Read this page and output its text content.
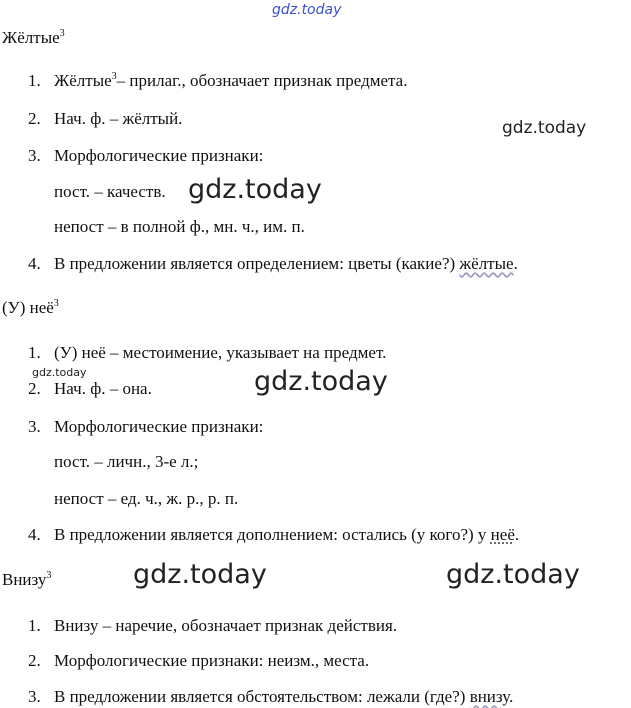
Жёлтые$^3$
1. Жёлтые$^3$– прилаг., обозначает признак предмета.
2. Нач. ф. – жёлтый.
3. Морфологические признаки:
пост. – качеств.
непост – в полной ф., мн. ч., им. п.
4. В предложении является определением: цветы (какие?) жёлтые.
(У) неё$^3$
1. (У) неё – местоимение, указывает на предмет.
2. Нач. ф. – она.
3. Морфологические признаки:
пост. – личн., 3-е л.;
непост – ед. ч., ж. р., р. п.
4. В предложении является дополнением: остались (у кого?) у неё.
Внизу$^3$
1. Внизу – наречие, обозначает признак действия.
2. Морфологические признаки: неизм., места.
3. В предложении является обстоятельством: лежали (где?) внизу.
gdz.today
gdz.today
gdz.today
gdz.today	gdz.today
gdz.today	gdz.today
